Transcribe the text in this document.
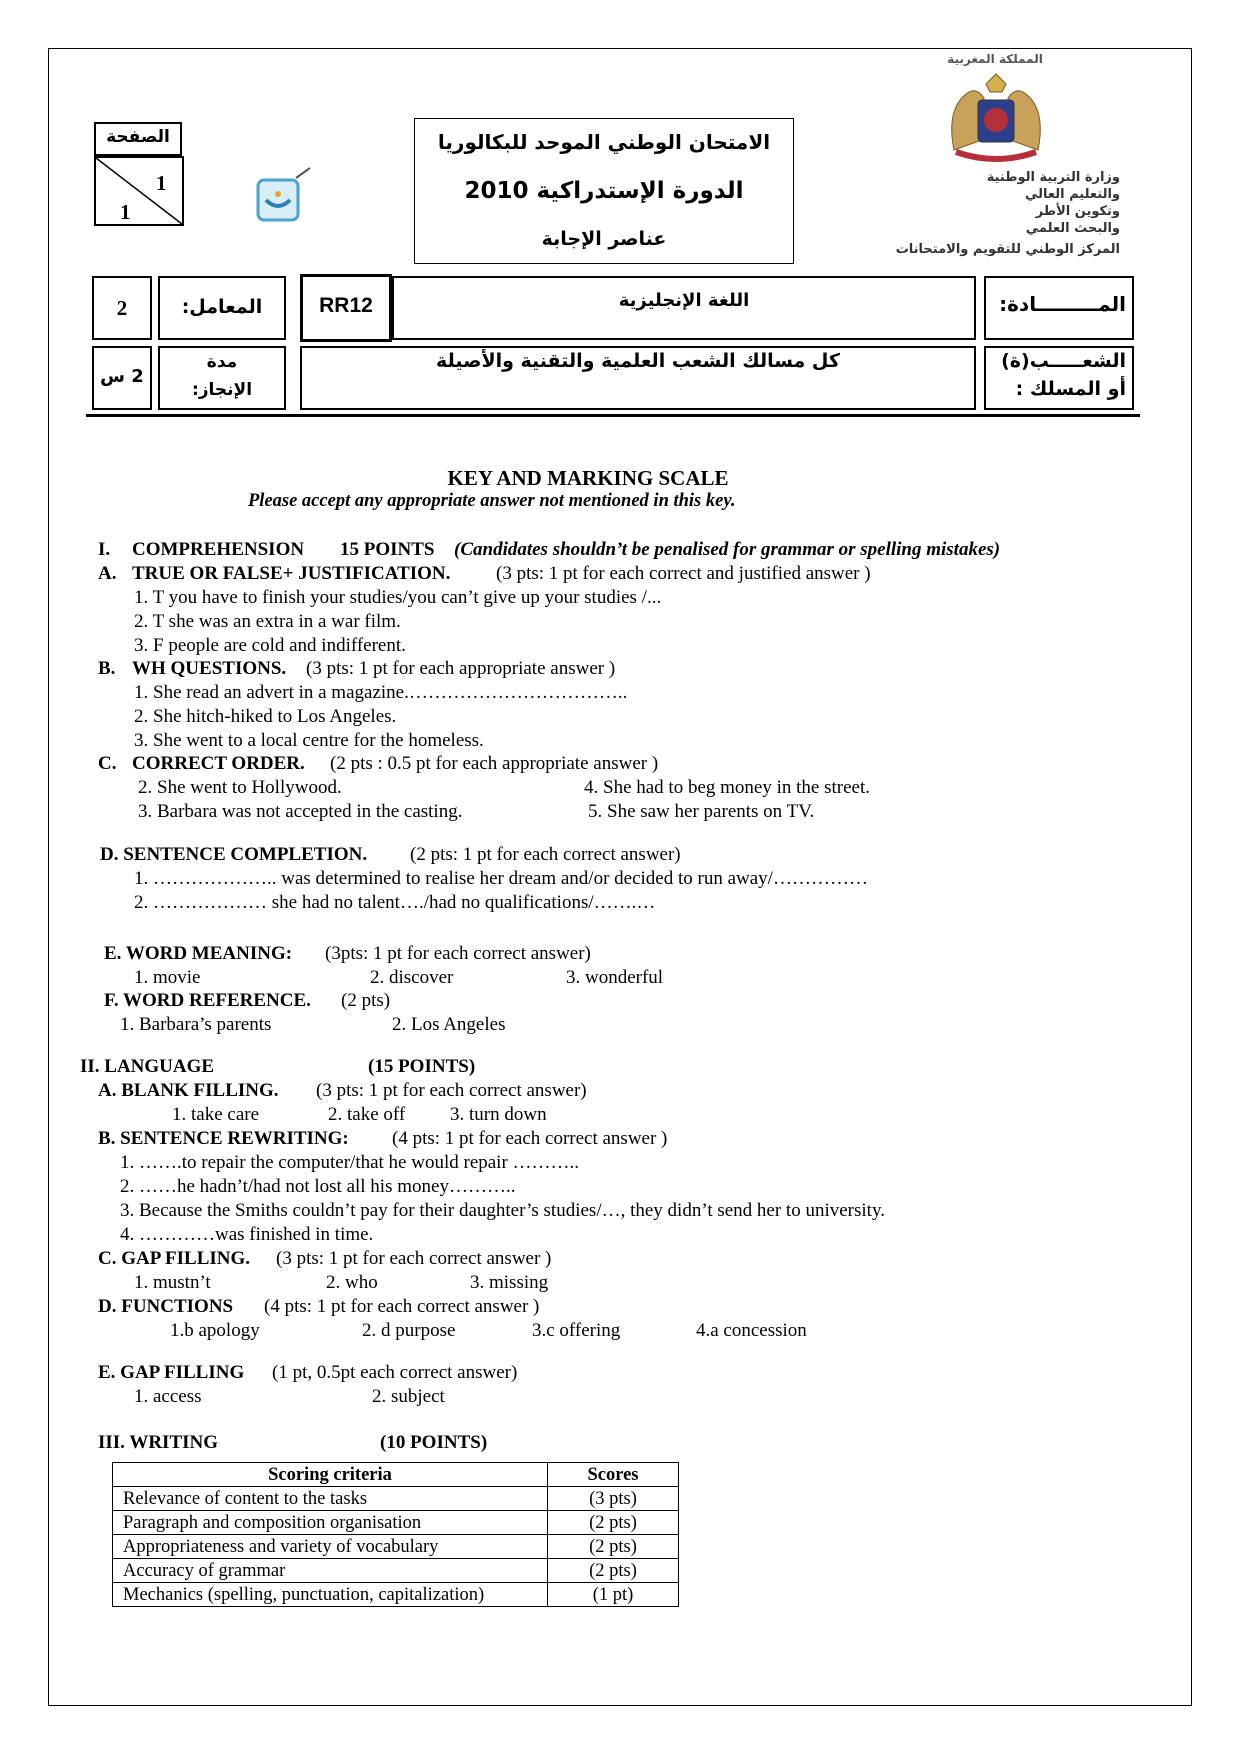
الصفحة
1
1
الامتحان الوطني الموحد للبكالوريا
الدورة الإستدراكية 2010
عناصر الإجابة
المملكة المغربية
وزارة التربية الوطنية
والتعليم العالي
وتكوين الأطر
والبحث العلمي
المركز الوطني للتقويم والامتحانات
2	المعامل:	RR12	اللغة الإنجليزية	المـــــــــادة:
2 س
مدة
الإنجاز:
كل مسالك الشعب العلمية والتقنية والأصيلة	الشعـــــب(ة)
أو المسلك :
KEY AND MARKING SCALE
Please accept any appropriate answer not mentioned in this key.
I. COMPREHENSION 15 POINTS (Candidates shouldn’t be penalised for grammar or spelling mistakes)
A. TRUE OR FALSE+ JUSTIFICATION. (3 pts: 1 pt for each correct and justified answer )
1. T you have to finish your studies/you can’t give up your studies /...
2. T she was an extra in a war film.
3. F people are cold and indifferent.
B. WH QUESTIONS. (3 pts: 1 pt for each appropriate answer )
1. She read an advert in a magazine.……………………………..
2. She hitch-hiked to Los Angeles.
3. She went to a local centre for the homeless.
C. CORRECT ORDER. (2 pts : 0.5 pt for each appropriate answer )
2. She went to Hollywood.	4. She had to beg money in the street.
3. Barbara was not accepted in the casting.	5. She saw her parents on TV.
D. SENTENCE COMPLETION. (2 pts: 1 pt for each correct answer)
1. ……………….. was determined to realise her dream and/or decided to run away/……………
2. ……………… she had no talent…./had no qualifications/…….…
E. WORD MEANING: (3pts: 1 pt for each correct answer)
1. movie	2. discover	3. wonderful
F. WORD REFERENCE. (2 pts)
1. Barbara’s parents	2. Los Angeles
II. LANGUAGE	(15 POINTS)
A. BLANK FILLING. (3 pts: 1 pt for each correct answer)
1. take care	2. take off 3. turn down
B. SENTENCE REWRITING: (4 pts: 1 pt for each correct answer )
1. …….to repair the computer/that he would repair ………..
2. ……he hadn’t/had not lost all his money………..
3. Because the Smiths couldn’t pay for their daughter’s studies/…, they didn’t send her to university.
4. …………was finished in time.
C. GAP FILLING. (3 pts: 1 pt for each correct answer )
1. mustn’t	2. who	3. missing
D. FUNCTIONS (4 pts: 1 pt for each correct answer )
1.b apology	2. d purpose	3.c offering	4.a concession
E. GAP FILLING (1 pt, 0.5pt each correct answer)
1. access	2. subject
III. WRITING	(10 POINTS)
Scoring criteria	Scores
Relevance of content to the tasks	(3 pts)
Paragraph and composition organisation	(2 pts)
Appropriateness and variety of vocabulary	(2 pts)
Accuracy of grammar	(2 pts)
Mechanics (spelling, punctuation, capitalization)	(1 pt)
